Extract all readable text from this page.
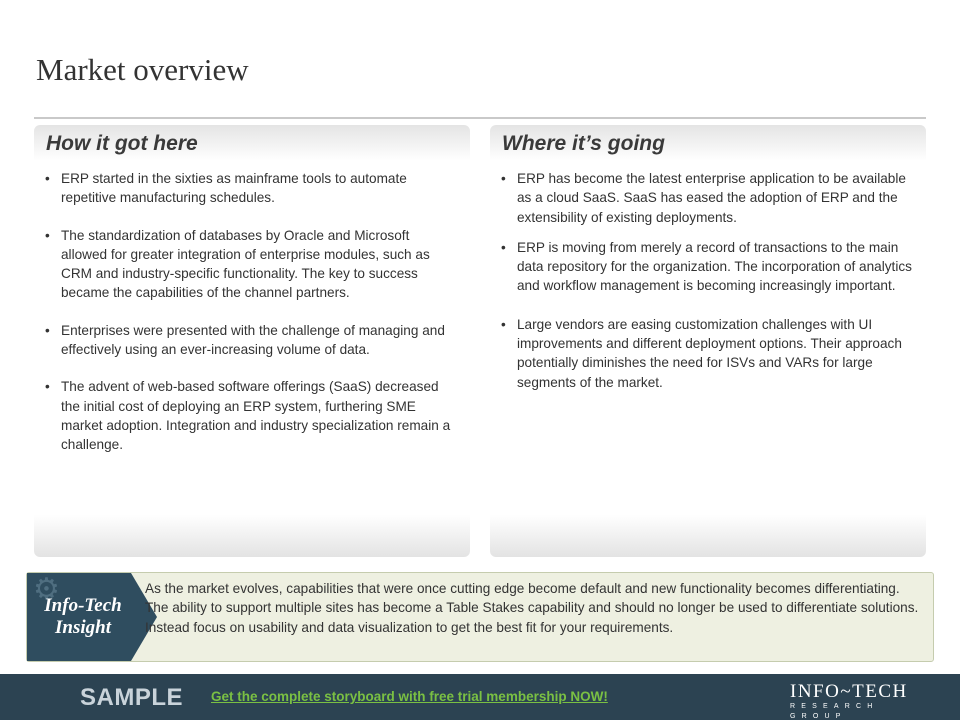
Market overview
How it got here
• ERP started in the sixties as mainframe tools to automate repetitive manufacturing schedules.
• The standardization of databases by Oracle and Microsoft allowed for greater integration of enterprise modules, such as CRM and industry-specific functionality. The key to success became the capabilities of the channel partners.
• Enterprises were presented with the challenge of managing and effectively using an ever-increasing volume of data.
• The advent of web-based software offerings (SaaS) decreased the initial cost of deploying an ERP system, furthering SME market adoption. Integration and industry specialization remain a challenge.
Where it’s going
• ERP has become the latest enterprise application to be available as a cloud SaaS. SaaS has eased the adoption of ERP and the extensibility of existing deployments.
• ERP is moving from merely a record of transactions to the main data repository for the organization. The incorporation of analytics and workflow management is becoming increasingly important.
• Large vendors are easing customization challenges with UI improvements and different deployment options. Their approach potentially diminishes the need for ISVs and VARs for large segments of the market.
⚙
Info-Tech
Insight

As the market evolves, capabilities that were once cutting edge become default and new functionality becomes differentiating. The ability to support multiple sites has become a Table Stakes capability and should no longer be used to differentiate solutions. Instead focus on usability and data visualization to get the best fit for your requirements.

SAMPLE Get the complete storyboard with free trial membership NOW!	INFO~TECH
RESEARCH GROUP
